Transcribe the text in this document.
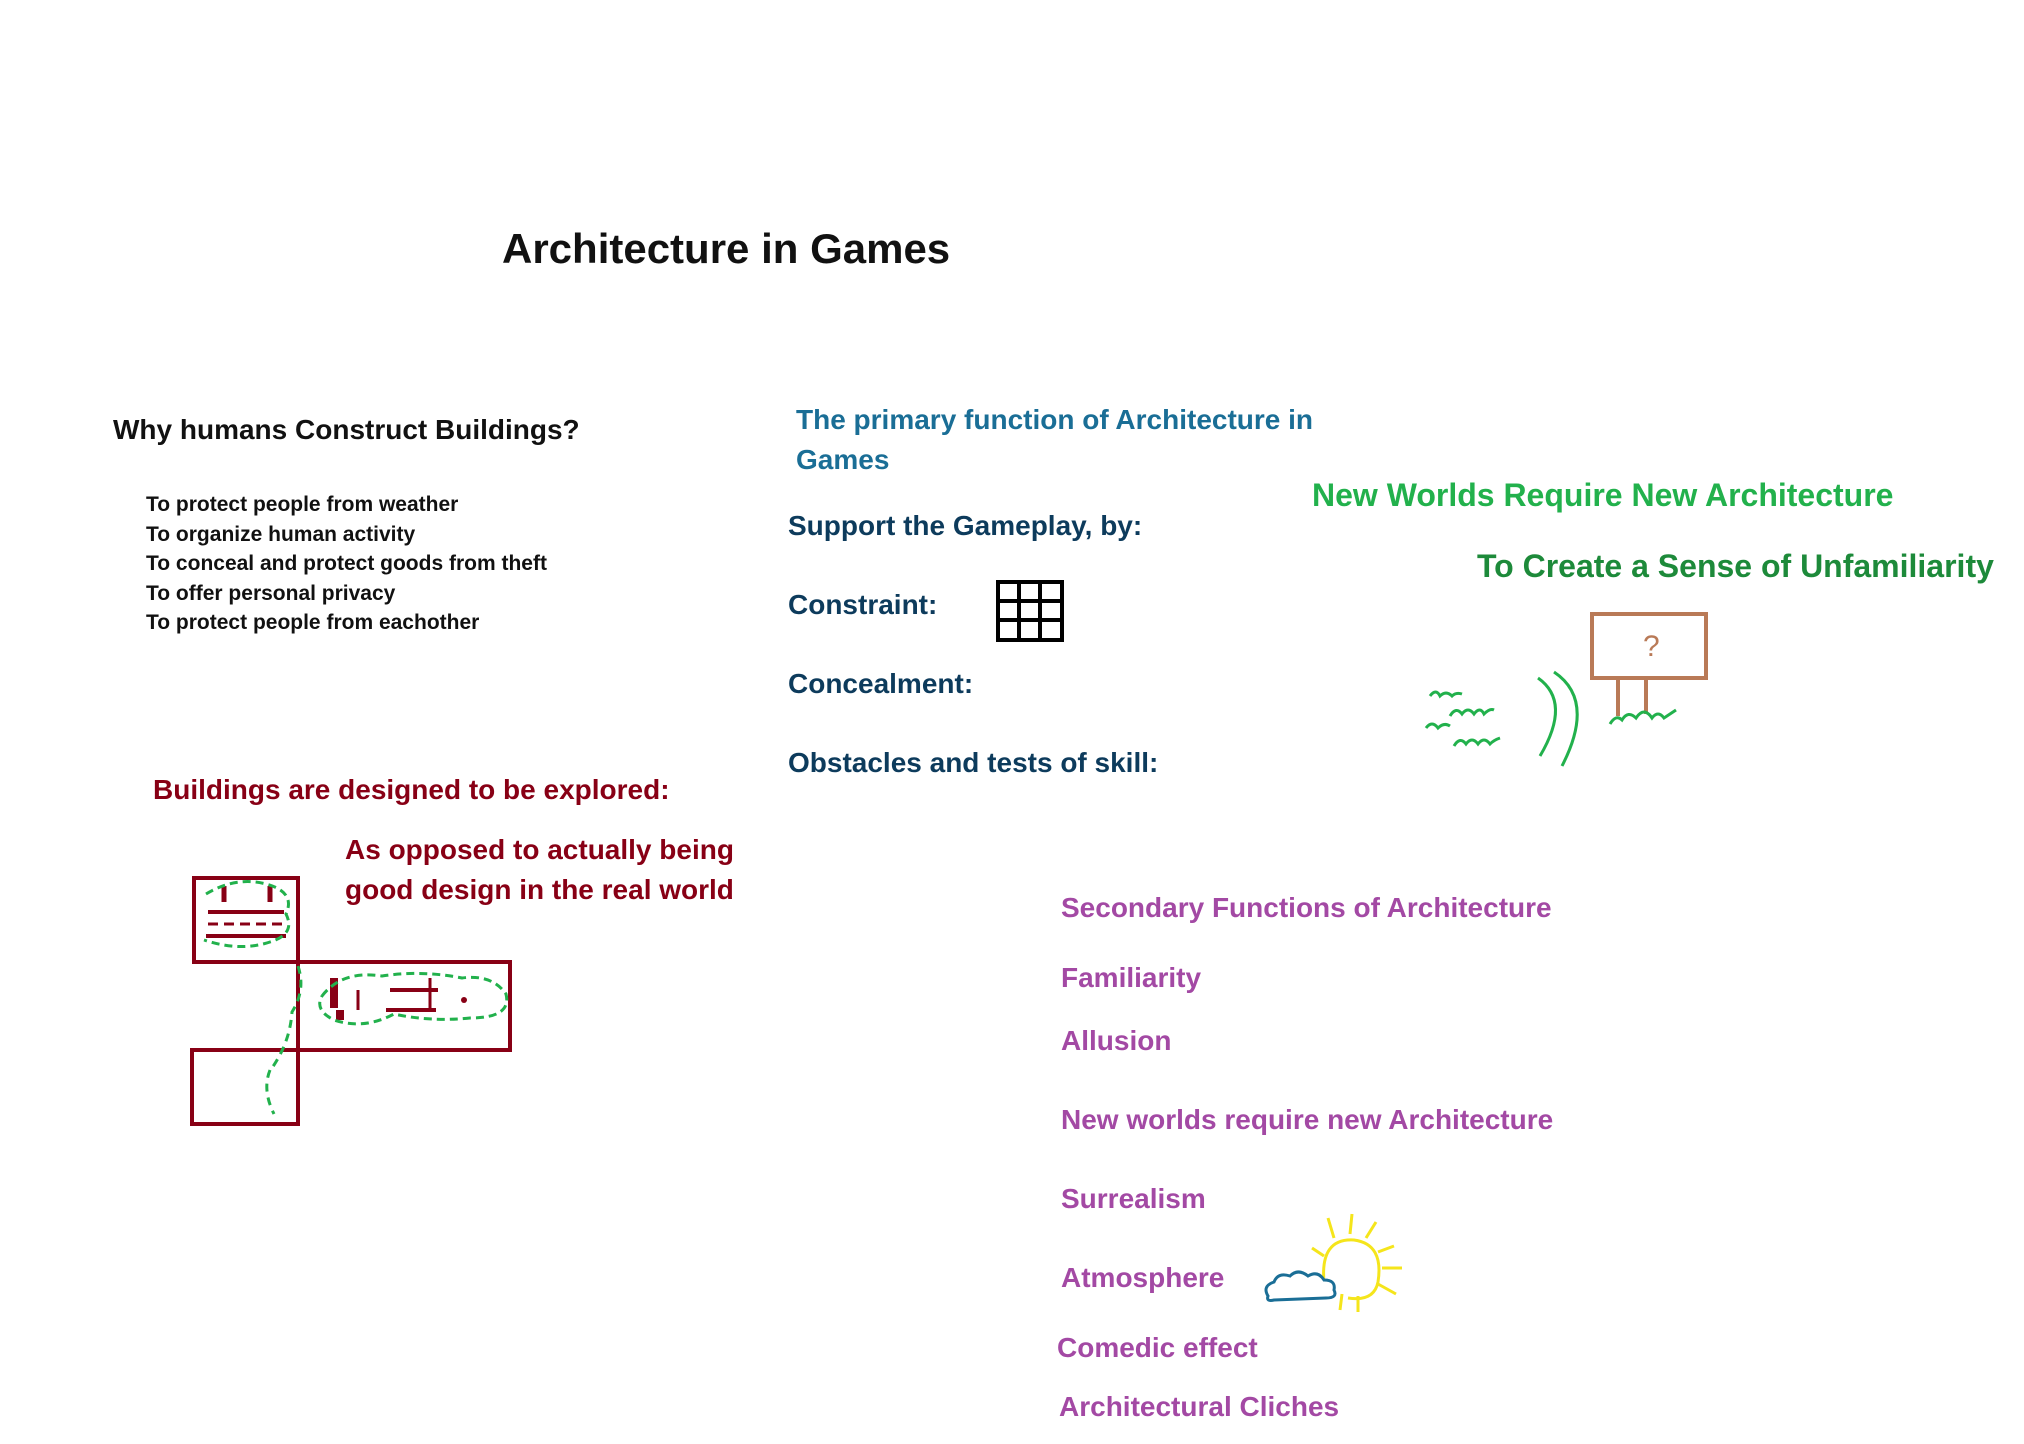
Architecture in Games
Why humans Construct Buildings?
To protect people from weather
To organize human activity
To conceal and protect goods from theft
To offer personal privacy
To protect people from eachother
The primary function of Architecture in Games
Support the Gameplay, by:
Constraint:
Concealment:
Obstacles and tests of skill:
New Worlds Require New Architecture
To Create a Sense of Unfamiliarity
?
Buildings are designed to be explored:
As opposed to actually being good design in the real world
Secondary Functions of Architecture
Familiarity
Allusion
New worlds require new Architecture
Surrealism
Atmosphere
Comedic effect
Architectural Cliches
